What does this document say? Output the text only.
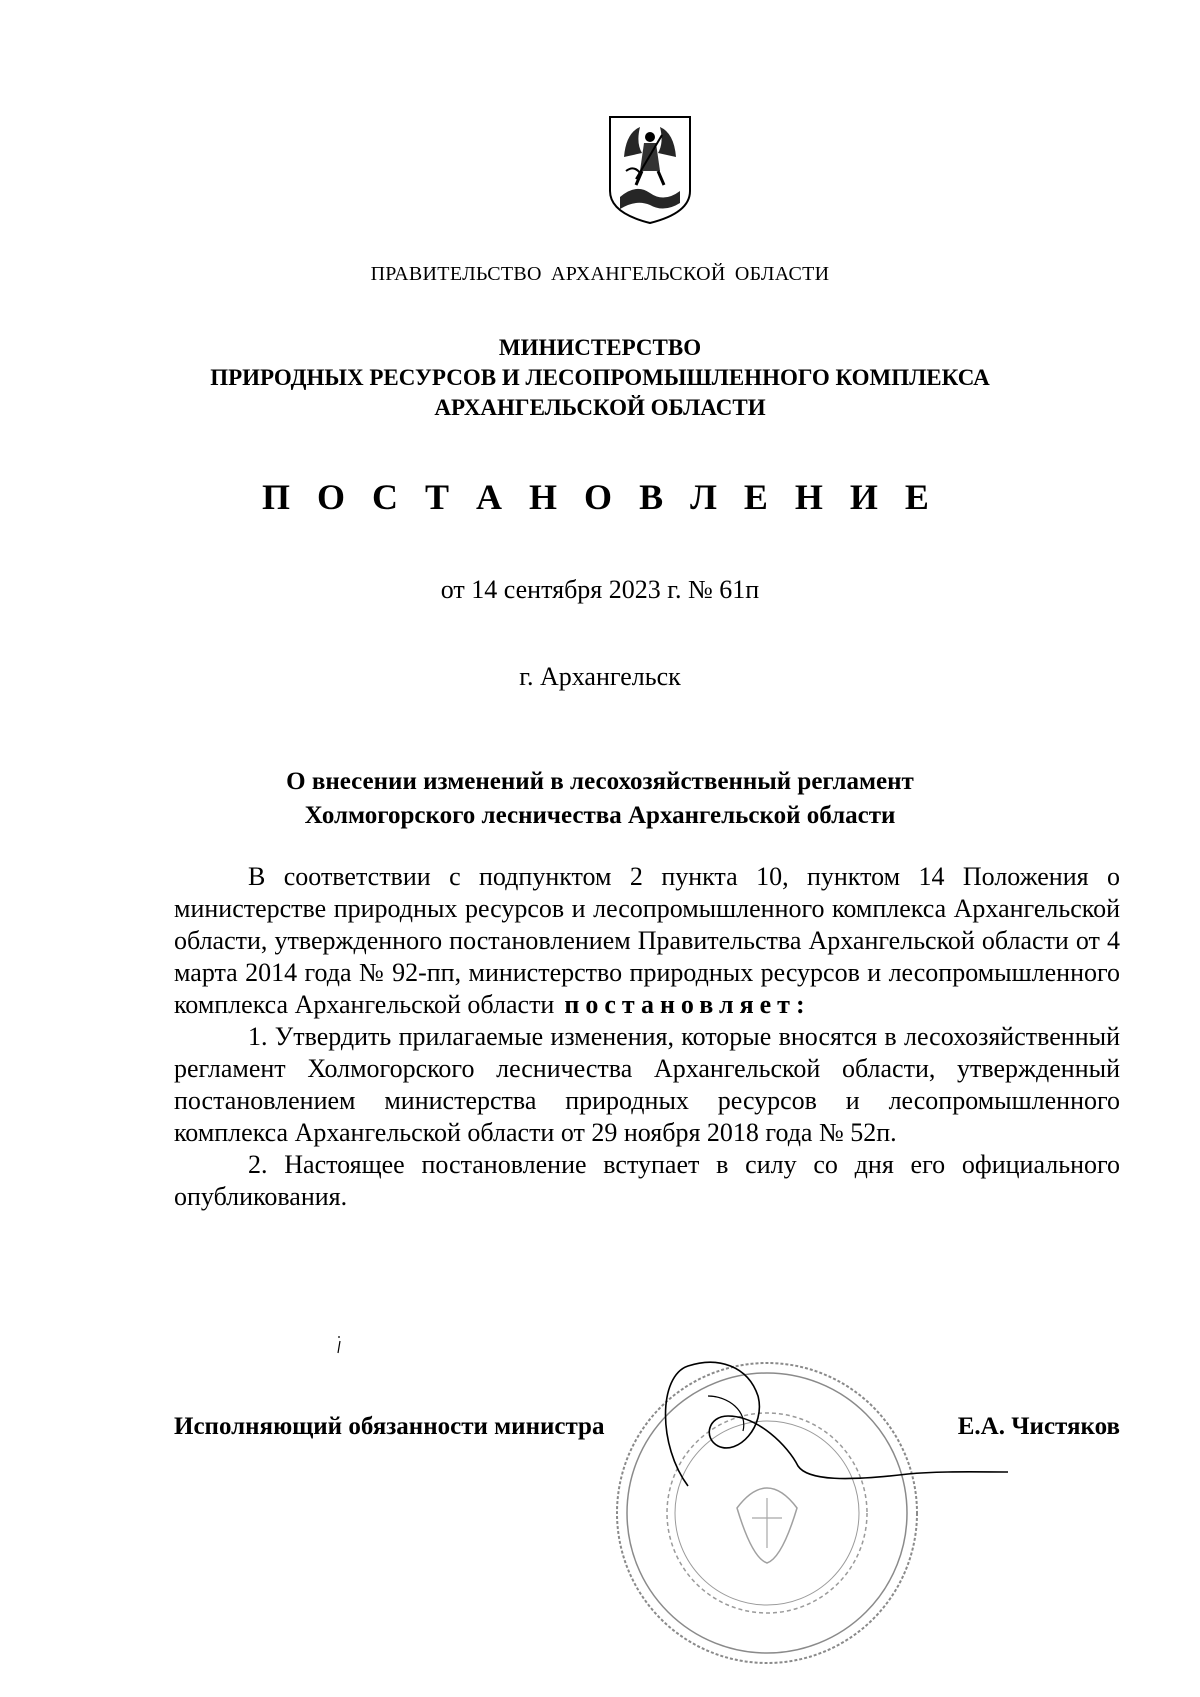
ПРАВИТЕЛЬСТВО АРХАНГЕЛЬСКОЙ ОБЛАСТИ
МИНИСТЕРСТВО
ПРИРОДНЫХ РЕСУРСОВ И ЛЕСОПРОМЫШЛЕННОГО КОМПЛЕКСА
АРХАНГЕЛЬСКОЙ ОБЛАСТИ
П О С Т А Н О В Л Е Н И Е
от 14 сентября 2023 г. № 61п
г. Архангельск
О внесении изменений в лесохозяйственный регламент
Холмогорского лесничества Архангельской области

В соответствии с подпунктом 2 пункта 10, пунктом 14 Положения о министерстве природных ресурсов и лесопромышленного комплекса Архангельской области, утвержденного постановлением Правительства Архангельской области от 4 марта 2014 года № 92-пп, министерство природных ресурсов и лесопромышленного комплекса Архангельской области постановляет:

1. Утвердить прилагаемые изменения, которые вносятся в лесохозяйственный регламент Холмогорского лесничества Архангельской области, утвержденный постановлением министерства природных ресурсов и лесопромышленного комплекса Архангельской области от 29 ноября 2018 года № 52п.

2. Настоящее постановление вступает в силу со дня его официального опубликования.

Исполняющий обязанности министра	Е.А. Чистяков
